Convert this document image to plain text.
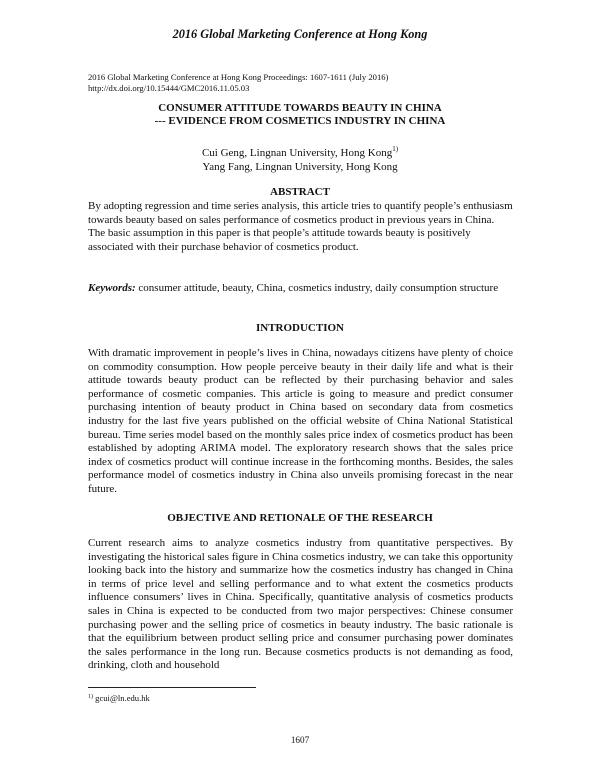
2016 Global Marketing Conference at Hong Kong
2016 Global Marketing Conference at Hong Kong Proceedings: 1607-1611 (July 2016)
http://dx.doi.org/10.15444/GMC2016.11.05.03
CONSUMER ATTITUDE TOWARDS BEAUTY IN CHINA
--- EVIDENCE FROM COSMETICS INDUSTRY IN CHINA
Cui Geng, Lingnan University, Hong Kong$^{1)}$
Yang Fang, Lingnan University, Hong Kong
ABSTRACT

By adopting regression and time series analysis, this article tries to quantify people’s enthusiasm towards beauty based on sales performance of cosmetics product in previous years in China. The basic assumption in this paper is that people’s attitude towards beauty is positively associated with their purchase behavior of cosmetics product.

Keywords: consumer attitude, beauty, China, cosmetics industry, daily consumption structure

INTRODUCTION

With dramatic improvement in people’s lives in China, nowadays citizens have plenty of choice on commodity consumption. How people perceive beauty in their daily life and what is their attitude towards beauty product can be reflected by their purchasing behavior and sales performance of cosmetic companies. This article is going to measure and predict consumer purchasing intention of beauty product in China based on secondary data from cosmetics industry for the last five years published on the official website of China National Statistical bureau. Time series model based on the monthly sales price index of cosmetics product has been established by adopting ARIMA model. The exploratory research shows that the sales price index of cosmetics product will continue increase in the forthcoming months. Besides, the sales performance model of cosmetics industry in China also unveils promising forecast in the near future.

OBJECTIVE AND RETIONALE OF THE RESEARCH

Current research aims to analyze cosmetics industry from quantitative perspectives. By investigating the historical sales figure in China cosmetics industry, we can take this opportunity looking back into the history and summarize how the cosmetics industry has changed in China in terms of price level and selling performance and to what extent the cosmetics products influence consumers’ lives in China. Specifically, quantitative analysis of cosmetics products sales in China is expected to be conducted from two major perspectives: Chinese consumer purchasing power and the selling price of cosmetics in beauty industry. The basic rationale is that the equilibrium between product selling price and consumer purchasing power dominates the sales performance in the long run. Because cosmetics products is not demanding as food, drinking, cloth and household

$^{1)}$ gcui@ln.edu.hk
1607
